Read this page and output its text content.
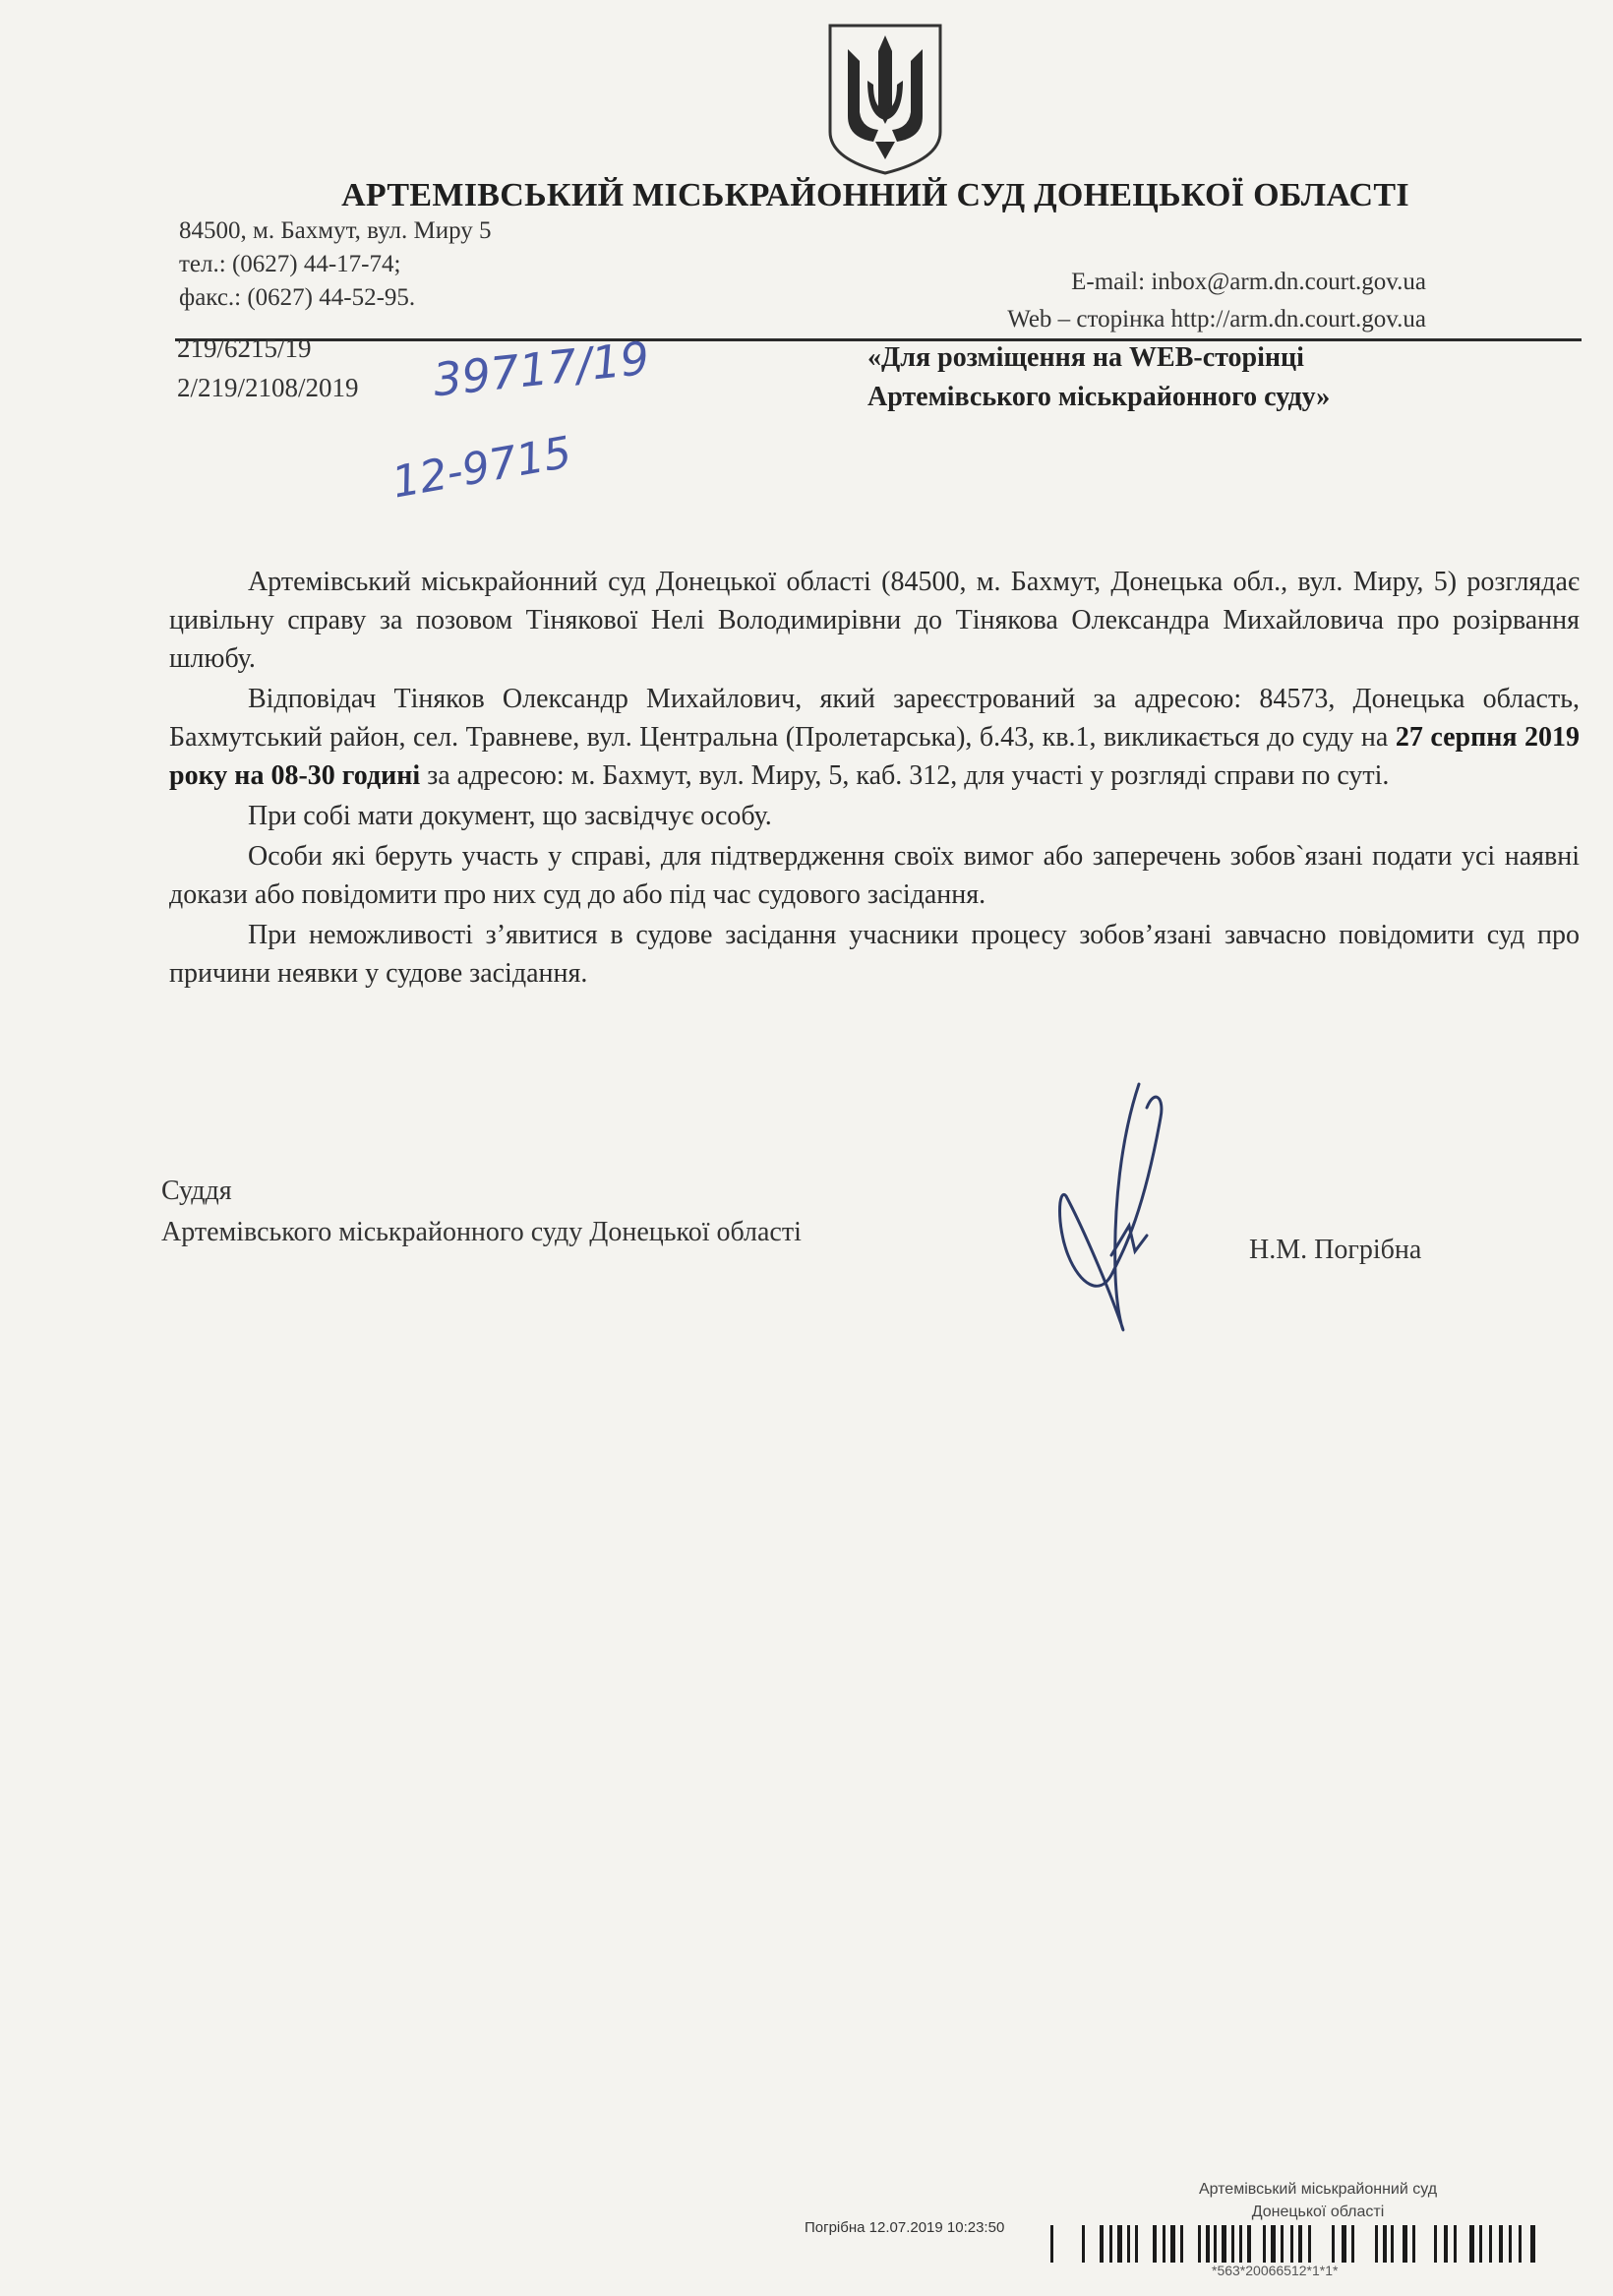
АРТЕМІВСЬКИЙ МІСЬКРАЙОННИЙ СУД ДОНЕЦЬКОЇ ОБЛАСТІ
84500, м. Бахмут, вул. Миру 5
тел.: (0627) 44-17-74;
факс.: (0627) 44-52-95.
E-mail: inbox@arm.dn.court.gov.ua
Web – сторінка http://arm.dn.court.gov.ua
219/6215/19
2/219/2108/2019 39717/19
12-9715
«Для розміщення на WEB-сторінці
Артемівського міськрайонного суду»

Артемівський міськрайонний суд Донецької області (84500, м. Бахмут, Донецька обл., вул. Миру, 5) розглядає цивільну справу за позовом Тінякової Нелі Володимирівни до Тінякова Олександра Михайловича про розірвання шлюбу.

Відповідач Тіняков Олександр Михайлович, який зареєстрований за адресою: 84573, Донецька область, Бахмутський район, сел. Травневе, вул. Центральна (Пролетарська), б.43, кв.1, викликається до суду на 27 серпня 2019 року на 08-30 годині за адресою: м. Бахмут, вул. Миру, 5, каб. 312, для участі у розгляді справи по суті.

При собі мати документ, що засвідчує особу.

Особи які беруть участь у справі, для підтвердження своїх вимог або заперечень зобов`язані подати усі наявні докази або повідомити про них суд до або під час судового засідання.

При неможливості з’явитися в судове засідання учасники процесу зобов’язані завчасно повідомити суд про причини неявки у судове засідання.

Суддя
Артемівського міськрайонного суду Донецької області
Н.М. Погрібна
Артемівський міськрайонний суд
Донецької області
Погрібна 12.07.2019 10:23:50
*563*20066512*1*1*
